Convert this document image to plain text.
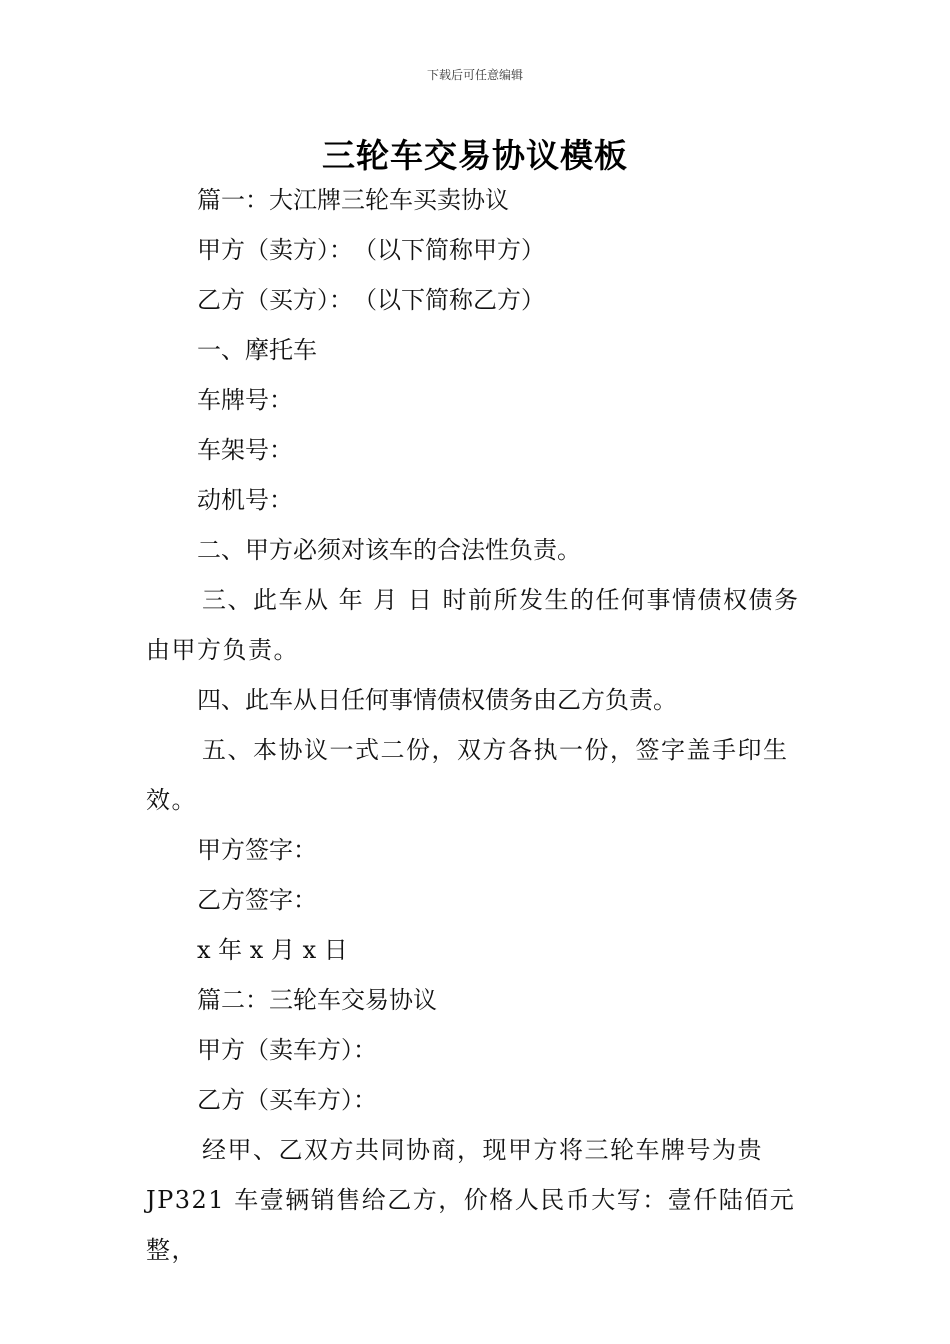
下载后可任意编辑
三轮车交易协议模板

篇一：大江牌三轮车买卖协议

甲方（卖方）：　（以下简称甲方）

乙方（买方）：　（以下简称乙方）

一、摩托车

车牌号：

车架号：

动机号：

二、甲方必须对该车的合法性负责。

三、此车从 年 月 日 时前所发生的任何事情债权债务由甲方负责。

四、此车从日任何事情债权债务由乙方负责。

五、本协议一式二份，双方各执一份，签字盖手印生效。

甲方签字：

乙方签字：

x 年 x 月 x 日

篇二：三轮车交易协议

甲方（卖车方）：

乙方（买车方）：

经甲、乙双方共同协商，现甲方将三轮车牌号为贵JP321 车壹辆销售给乙方，价格人民币大写：壹仟陆佰元整，
